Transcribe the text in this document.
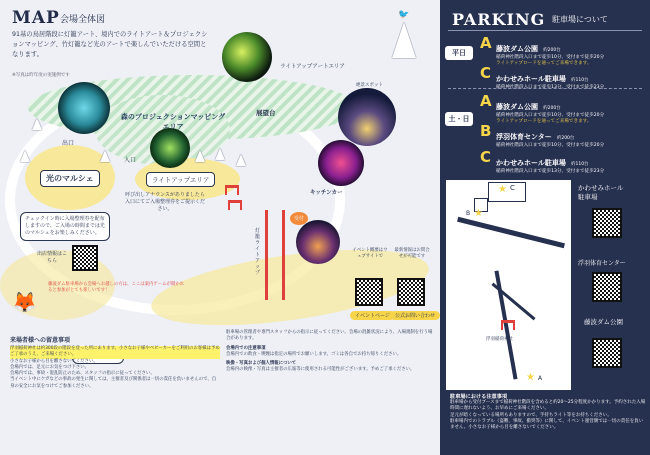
MAP 会場全体図
91基の鳥居階段に灯籠アート、境内でのライトアート＆プロジェクションマッピング、竹灯籠など光のアートで楽しんでいただける空間となります。
※写真は昨年度の実施例です
ライトアップアートエリア
森のプロジェクションマッピングエリア
光のマルシェ	ライトアップエリア
展望台
キッチンカー
出口
入口
受付
灯籠ライトアップ
絶景スポット
チェックイン時に入場整理券を配布しますので、ご入場の時間までは光のマルシェをお楽しみください。
呼び出しアナウンスがありましたら入口にてご入場整理券をご提示ください。
出店情報はこちら
イベント概要はウェブサイトで
最新情報はお問合せが可能です
イベントページ	公式お問い合わせ
🦊
藤波ダム駐車場から会場へお越しの方は、ここは案内ゲームが開かれると参加がとても楽しいです！
来場者様への留意事項
浮羽稲荷神社は約300段の階段を登った所にあります。小さなお子様やベビーカーをご利用のお客様は予めご了承のうえ、ご来場ください。
小さなお子様から目を離さないでください。
会場内では、足元にお気をつけ下さい。
会場内では、事故・混乱防止のため、スタッフの指示に従ってください。
当イベント中にケガなどの事故の発生に関しては、主催者及び関係者は一切の責任を負いませんので、自身の安全にお気をつけてご参加ください。
駐車場の管理者や専門スタッフからの指示に従ってください。会場の混雑状況により、入場規制を行う場合があります。
会場内での注意事項
会場内での飲食・喫煙は指定の場所でお願いします。ゴミは各自でお持ち帰りください。
映像・写真および個人情報について
会場内の映像・写真は主催者の広報等に使用される可能性がございます。予めご了承ください。
🐦	PARKING 駐車場について
平日
A 藤波ダム公園 約200台
稲荷神社階段入口まで徒歩10分、受付まで徒歩20分
ライトアップロードを通ってご来場できます。
C かわせみホール駐車場 約110台
稲荷神社階段入口まで徒歩13分、受付まで徒歩23分
土・日
A 藤波ダム公園 約200台
稲荷神社階段入口まで徒歩10分、受付まで徒歩20分
ライトアップロードを通ってご来場できます。
B 浮羽体育センター 約200台
稲荷神社階段入口まで徒歩10分、受付まで徒歩20分
C かわせみホール駐車場 約110台
稲荷神社階段入口まで徒歩13分、受付まで徒歩23分
★ C
★
B
★ A
浮羽稲荷神社
かわせみホール
駐車場
浮羽体育センター
藤波ダム公園
駐車場における注意事項
駐車場から受付ブースまで稲荷神社階段を含めると約20〜25分程度かかります。予約された入場時間に遅れないよう、お早めにご来場ください。
足元が暗くなっている場所もありますので、手持ちライト等をお持ちください。
駐車場内でのトラブル（盗難、事故、衝突等）に関して、イベント運営側では一切の責任を負いません。小さなお子様から目を離さないでください。
